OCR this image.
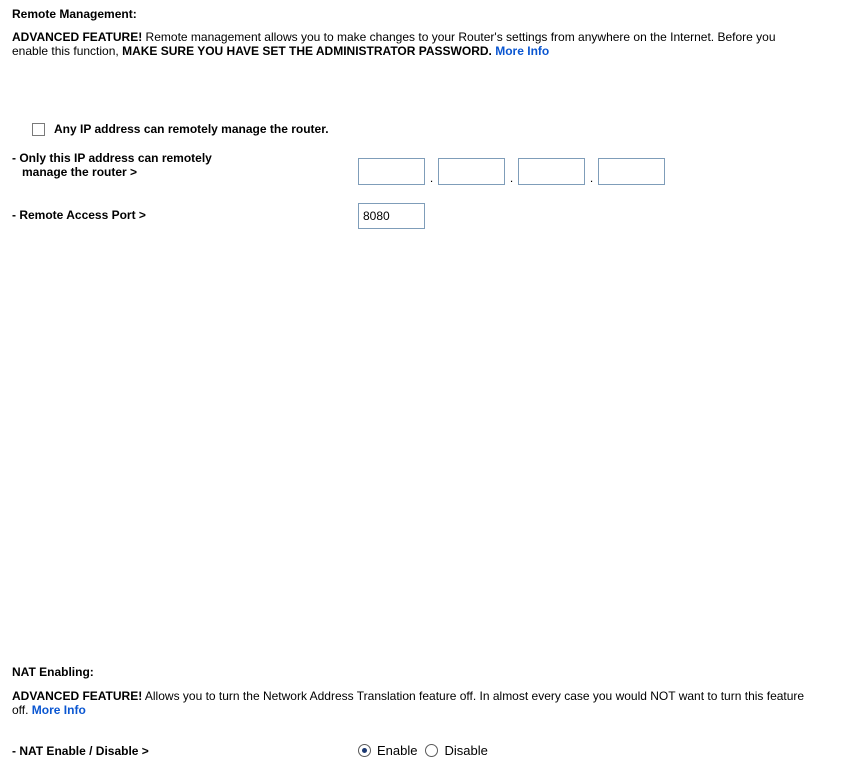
Remote Management:
ADVANCED FEATURE! Remote management allows you to make changes to your Router's settings from anywhere on the Internet. Before you enable this function, MAKE SURE YOU HAVE SET THE ADMINISTRATOR PASSWORD. More Info
Any IP address can remotely manage the router.
- Only this IP address can remotely
manage the router >	.	.	.
- Remote Access Port >	8080
NAT Enabling:
ADVANCED FEATURE! Allows you to turn the Network Address Translation feature off. In almost every case you would NOT want to turn this feature off. More Info
- NAT Enable / Disable >	Enable Disable
